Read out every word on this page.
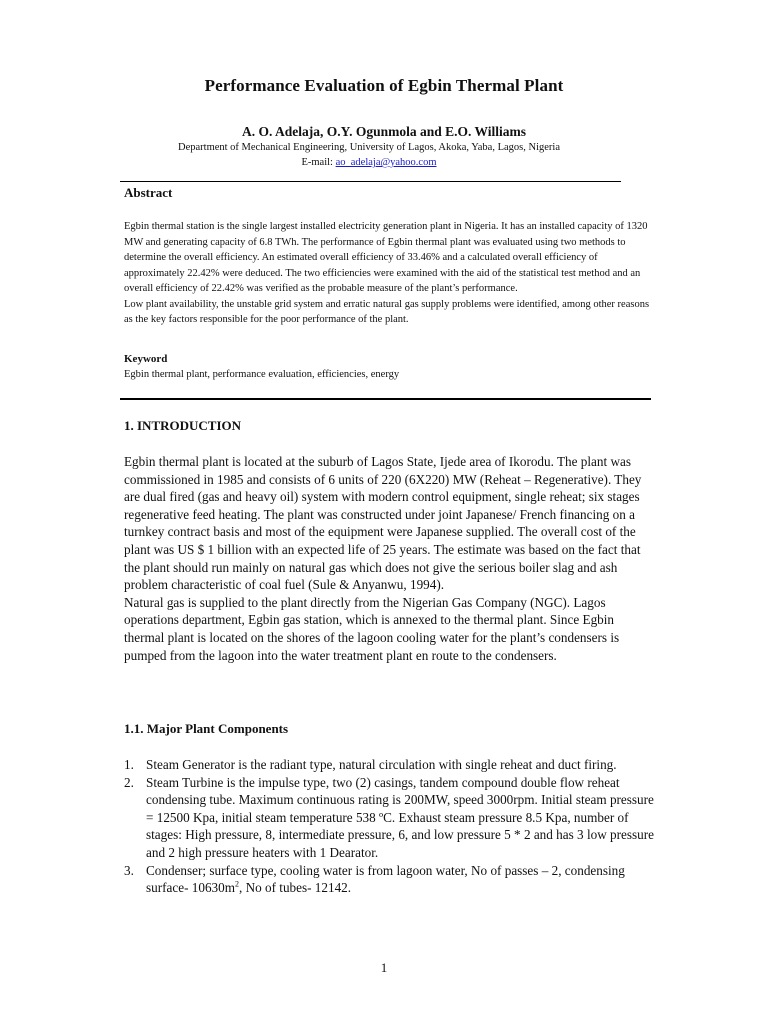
Performance Evaluation of Egbin Thermal Plant
A. O. Adelaja, O.Y. Ogunmola and E.O. Williams
Department of Mechanical Engineering, University of Lagos, Akoka, Yaba, Lagos, Nigeria
E-mail: ao_adelaja@yahoo.com
Abstract

Egbin thermal station is the single largest installed electricity generation plant in Nigeria. It has an installed capacity of 1320 MW and generating capacity of 6.8 TWh. The performance of Egbin thermal plant was evaluated using two methods to determine the overall efficiency. An estimated overall efficiency of 33.46% and a calculated overall efficiency of approximately 22.42% were deduced. The two efficiencies were examined with the aid of the statistical test method and an overall efficiency of 22.42% was verified as the probable measure of the plant’s performance.

Low plant availability, the unstable grid system and erratic natural gas supply problems were identified, among other reasons as the key factors responsible for the poor performance of the plant.

Keyword
Egbin thermal plant, performance evaluation, efficiencies, energy
1. INTRODUCTION

Egbin thermal plant is located at the suburb of Lagos State, Ijede area of Ikorodu. The plant was commissioned in 1985 and consists of 6 units of 220 (6X220) MW (Reheat – Regenerative). They are dual fired (gas and heavy oil) system with modern control equipment, single reheat; six stages regenerative feed heating. The plant was constructed under joint Japanese/ French financing on a turnkey contract basis and most of the equipment were Japanese supplied. The overall cost of the plant was US $ 1 billion with an expected life of 25 years. The estimate was based on the fact that the plant should run mainly on natural gas which does not give the serious boiler slag and ash problem characteristic of coal fuel (Sule & Anyanwu, 1994).

Natural gas is supplied to the plant directly from the Nigerian Gas Company (NGC). Lagos operations department, Egbin gas station, which is annexed to the thermal plant. Since Egbin thermal plant is located on the shores of the lagoon cooling water for the plant’s condensers is pumped from the lagoon into the water treatment plant en route to the condensers.

1.1. Major Plant Components
1. Steam Generator is the radiant type, natural circulation with single reheat and duct firing.
2. Steam Turbine is the impulse type, two (2) casings, tandem compound double flow reheat condensing tube. Maximum continuous rating is 200MW, speed 3000rpm. Initial steam pressure = 12500 Kpa, initial steam temperature 538 ºC. Exhaust steam pressure 8.5 Kpa, number of stages: High pressure, 8, intermediate pressure, 6, and low pressure 5 * 2 and has 3 low pressure and 2 high pressure heaters with 1 Dearator.
3. Condenser; surface type, cooling water is from lagoon water, No of passes – 2, condensing surface- $10630m^2$, No of tubes- 12142.
1
